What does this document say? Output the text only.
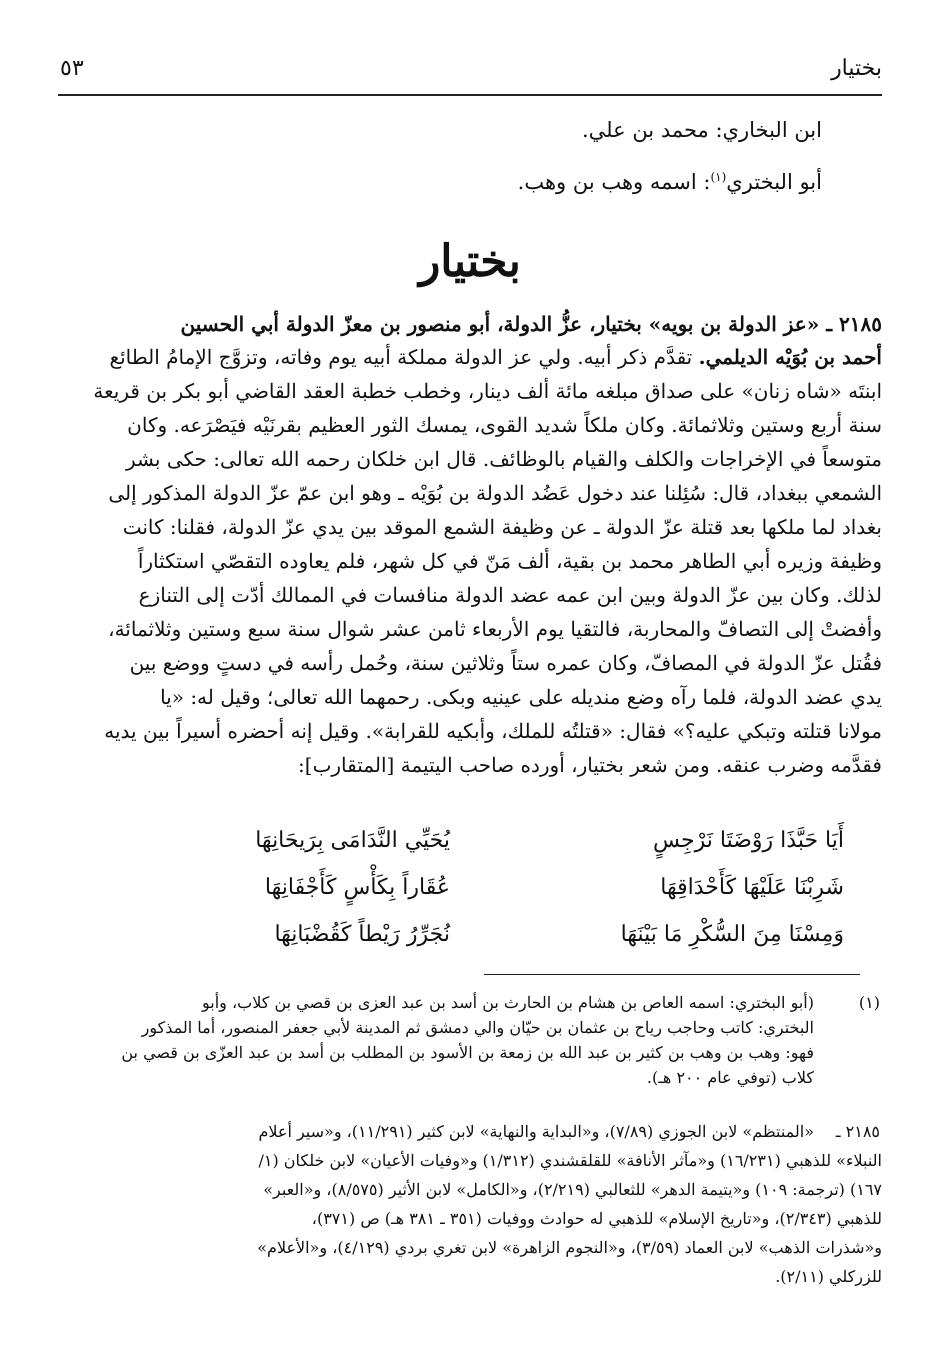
بختيار
٥٣
ابن البخاري: محمد بن علي.
أبو البختري$^{(١)}$: اسمه وهب بن وهب.
بختيار
٢١٨٥ ـ «عز الدولة بن بويه» بختيار، عزُّ الدولة، أبو منصور بن معزّ الدولة أبي الحسين
أحمد بن بُوَيْه الديلمي. تقدَّم ذكر أبيه. ولي عز الدولة مملكة أبيه يوم وفاته، وتزوَّج الإمامُ الطائع
ابنتَه «شاه زنان» على صداق مبلغه مائة ألف دينار، وخطب خطبة العقد القاضي أبو بكر بن قريعة
سنة أربع وستين وثلاثمائة. وكان ملكاً شديد القوى، يمسك الثور العظيم بقرنَيْه فيَصْرَعه. وكان
متوسعاً في الإخراجات والكلف والقيام بالوظائف. قال ابن خلكان رحمه الله تعالى: حكى بشر
الشمعي ببغداد، قال: سُئِلنا عند دخول عَضُد الدولة بن بُوَيْه ـ وهو ابن عمّ عزّ الدولة المذكور إلى
بغداد لما ملكها بعد قتلة عزّ الدولة ـ عن وظيفة الشمع الموقد بين يدي عزّ الدولة، فقلنا: كانت
وظيفة وزيره أبي الطاهر محمد بن بقية، ألف مَنّ في كل شهر، فلم يعاوده التقصّي استكثاراً
لذلك. وكان بين عزّ الدولة وبين ابن عمه عضد الدولة منافسات في الممالك أدّت إلى التنازع
وأفضتْ إلى التصافّ والمحاربة، فالتقيا يوم الأربعاء ثامن عشر شوال سنة سبع وستين وثلاثمائة،
فقُتل عزّ الدولة في المصافّ، وكان عمره ستاً وثلاثين سنة، وحُمل رأسه في دستٍ ووضع بين
يدي عضد الدولة، فلما رآه وضع منديله على عينيه وبكى. رحمهما الله تعالى؛ وقيل له: «يا
مولانا قتلته وتبكي عليه؟» فقال: «قتلتُه للملك، وأبكيه للقرابة». وقيل إنه أحضره أسيراً بين يديه
فقدَّمه وضرب عنقه. ومن شعر بختيار، أورده صاحب اليتيمة [المتقارب]:
أَيَا حَبَّذَا رَوْضَتَا نَرْجِسٍ
يُحَيِّي النَّدَامَى بِرَيحَانِهَا
شَرِبْنَا عَلَيْهَا كَأَحْدَاقِهَا
عُقَاراً بِكَأْسٍ كَأَجْفَانِهَا
وَمِسْنَا مِنَ السُّكْرِ مَا بَيْنَهَا
نُجَرِّرُ رَيْطاً كَقُضْبَانِهَا
(١)
(أبو البختري: اسمه العاص بن هشام بن الحارث بن أسد بن عبد العزى بن قصي بن كلاب، وأبو
البختري: كاتب وحاجب رياح بن عثمان بن حيّان والي دمشق ثم المدينة لأبي جعفر المنصور، أما المذكور
فهو: وهب بن وهب بن كثير بن عبد الله بن زمعة بن الأسود بن المطلب بن أسد بن عبد العزّى بن قصي بن
كلاب (توفي عام ٢٠٠ هـ).
٢١٨٥ ـ
«المنتظم» لابن الجوزي (٧/٨٩)، و«البداية والنهاية» لابن كثير (١١/٢٩١)، و«سير أعلام
النبلاء» للذهبي (١٦/٢٣١) و«مآثر الأنافة» للقلقشندي (١/٣١٢) و«وفيات الأعيان» لابن خلكان (١/
١٦٧) (ترجمة: ١٠٩) و«يتيمة الدهر» للثعالبي (٢/٢١٩)، و«الكامل» لابن الأثير (٨/٥٧٥)، و«العبر»
للذهبي (٢/٣٤٣)، و«تاريخ الإسلام» للذهبي له حوادث ووفيات (٣٥١ ـ ٣٨١ هـ) ص (٣٧١)،
و«شذرات الذهب» لابن العماد (٣/٥٩)، و«النجوم الزاهرة» لابن تغري بردي (٤/١٢٩)، و«الأعلام»
للزركلي (٢/١١).
